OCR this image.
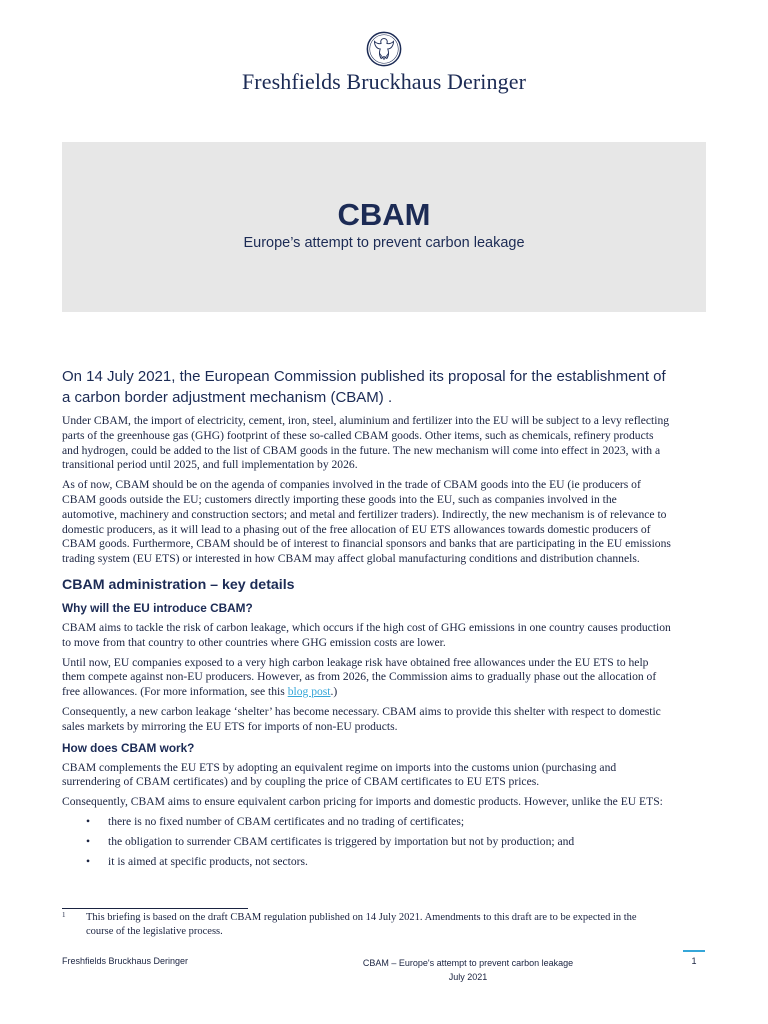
Freshfields Bruckhaus Deringer
CBAM
Europe’s attempt to prevent carbon leakage

On 14 July 2021, the European Commission published its proposal for the establishment of a carbon border adjustment mechanism (CBAM) .

Under CBAM, the import of electricity, cement, iron, steel, aluminium and fertilizer into the EU will be subject to a levy reflecting parts of the greenhouse gas (GHG) footprint of these so-called CBAM goods. Other items, such as chemicals, refinery products and hydrogen, could be added to the list of CBAM goods in the future. The new mechanism will come into effect in 2023, with a transitional period until 2025, and full implementation by 2026.

As of now, CBAM should be on the agenda of companies involved in the trade of CBAM goods into the EU (ie producers of CBAM goods outside the EU; customers directly importing these goods into the EU, such as companies involved in the automotive, machinery and construction sectors; and metal and fertilizer traders). Indirectly, the new mechanism is of relevance to domestic producers, as it will lead to a phasing out of the free allocation of EU ETS allowances towards domestic producers of CBAM goods. Furthermore, CBAM should be of interest to financial sponsors and banks that are participating in the EU emissions trading system (EU ETS) or interested in how CBAM may affect global manufacturing conditions and distribution channels.

CBAM administration – key details
Why will the EU introduce CBAM?

CBAM aims to tackle the risk of carbon leakage, which occurs if the high cost of GHG emissions in one country causes production to move from that country to other countries where GHG emission costs are lower.

Until now, EU companies exposed to a very high carbon leakage risk have obtained free allowances under the EU ETS to help them compete against non-EU producers. However, as from 2026, the Commission aims to gradually phase out the allocation of free allowances. (For more information, see this blog post.)

Consequently, a new carbon leakage ‘shelter’ has become necessary. CBAM aims to provide this shelter with respect to domestic sales markets by mirroring the EU ETS for imports of non-EU products.

How does CBAM work?

CBAM complements the EU ETS by adopting an equivalent regime on imports into the customs union (purchasing and surrendering of CBAM certificates) and by coupling the price of CBAM certificates to EU ETS prices.

Consequently, CBAM aims to ensure equivalent carbon pricing for imports and domestic products. However, unlike the EU ETS:

• there is no fixed number of CBAM certificates and no trading of certificates;
• the obligation to surrender CBAM certificates is triggered by importation but not by production; and
• it is aimed at specific products, not sectors.
1	This briefing is based on the draft CBAM regulation published on 14 July 2021. Amendments to this draft are to be expected in the course of the legislative process.
Freshfields Bruckhaus Deringer	CBAM – Europe's attempt to prevent carbon leakage
July 2021
1
